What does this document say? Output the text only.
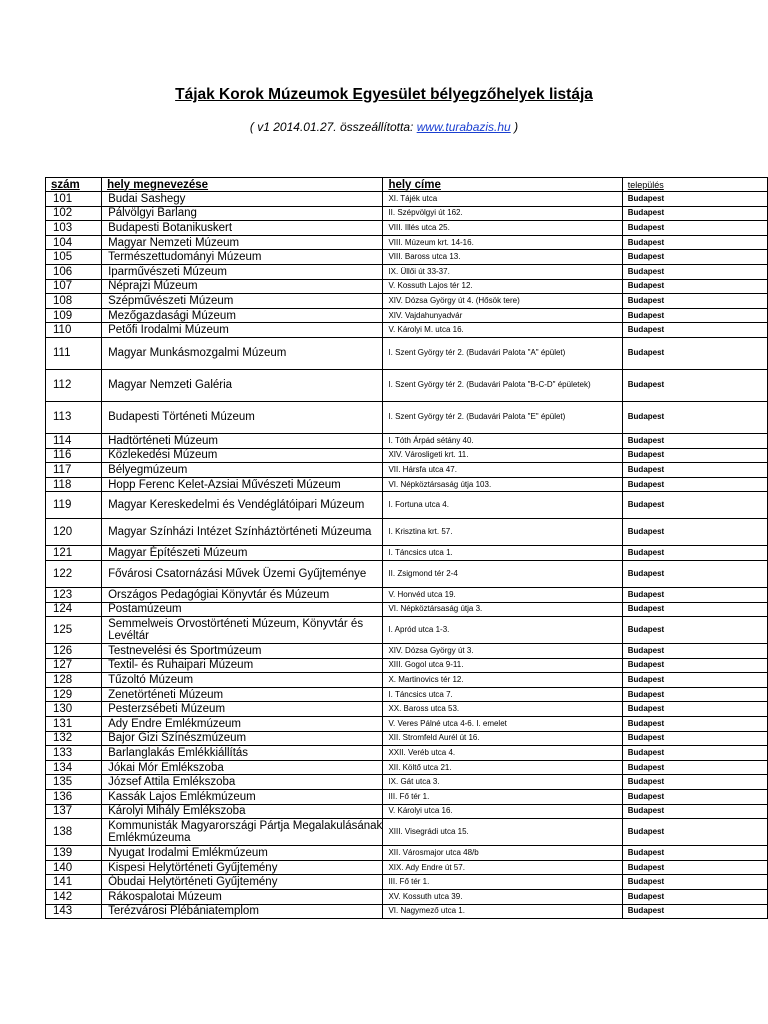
Tájak Korok Múzeumok Egyesület bélyegzőhelyek listája
( v1 2014.01.27. összeállította: www.turabazis.hu )
szám	hely megnevezése	hely címe	település
101	Budai Sashegy	XI. Tájék utca	Budapest
102	Pálvölgyi Barlang	II. Szépvölgyi út 162.	Budapest
103	Budapesti Botanikuskert	VIII. Illés utca 25.	Budapest
104	Magyar Nemzeti Múzeum	VIII. Múzeum krt. 14-16.	Budapest
105	Természettudományi Múzeum	VIII. Baross utca 13.	Budapest
106	Iparművészeti Múzeum	IX. Üllői út 33-37.	Budapest
107	Néprajzi Múzeum	V. Kossuth Lajos tér 12.	Budapest
108	Szépművészeti Múzeum	XIV. Dózsa György út 4. (Hősök tere)	Budapest
109	Mezőgazdasági Múzeum	XIV. Vajdahunyadvár	Budapest
110	Petőfi Irodalmi Múzeum	V. Károlyi M. utca 16.	Budapest
111	Magyar Munkásmozgalmi Múzeum	I. Szent György tér 2. (Budavári Palota "A" épület)	Budapest
112	Magyar Nemzeti Galéria	I. Szent György tér 2. (Budavári Palota "B-C-D" épületek)	Budapest
113	Budapesti Történeti Múzeum	I. Szent György tér 2. (Budavári Palota "E" épület)	Budapest
114	Hadtörténeti Múzeum	I. Tóth Árpád sétány 40.	Budapest
116	Közlekedési Múzeum	XIV. Városligeti krt. 11.	Budapest
117	Bélyegmúzeum	VII. Hársfa utca 47.	Budapest
118	Hopp Ferenc Kelet-Azsiai Művészeti Múzeum	VI. Népköztársaság útja 103.	Budapest
119	Magyar Kereskedelmi és Vendéglátóipari Múzeum	I. Fortuna utca 4.	Budapest
120	Magyar Színházi Intézet Színháztörténeti Múzeuma	I. Krisztina krt. 57.	Budapest
121	Magyar Építészeti Múzeum	I. Táncsics utca 1.	Budapest
122	Fővárosi Csatornázási Művek Üzemi Gyűjteménye	II. Zsigmond tér 2-4	Budapest
123	Országos Pedagógiai Könyvtár és Múzeum	V. Honvéd utca 19.	Budapest
124	Postamúzeum	VI. Népköztársaság útja 3.	Budapest
125	Semmelweis Orvostörténeti Múzeum, Könyvtár és Levéltár	I. Apród utca 1-3.	Budapest
126	Testnevelési és Sportmúzeum	XIV. Dózsa György út 3.	Budapest
127	Textil- és Ruhaipari Múzeum	XIII. Gogol utca 9-11.	Budapest
128	Tűzoltó Múzeum	X. Martinovics tér 12.	Budapest
129	Zenetörténeti Múzeum	I. Táncsics utca 7.	Budapest
130	Pesterzsébeti Múzeum	XX. Baross utca 53.	Budapest
131	Ady Endre Emlékmúzeum	V. Veres Pálné utca 4-6. I. emelet	Budapest
132	Bajor Gizi Színészmúzeum	XII. Stromfeld Aurél út 16.	Budapest
133	Barlanglakás Emlékkiállítás	XXII. Veréb utca 4.	Budapest
134	Jókai Mór Emlékszoba	XII. Költő utca 21.	Budapest
135	József Attila Emlékszoba	IX. Gát utca 3.	Budapest
136	Kassák Lajos Emlékmúzeum	III. Fő tér 1.	Budapest
137	Károlyi Mihály Emlékszoba	V. Károlyi utca 16.	Budapest
138	Kommunisták Magyarországi Pártja Megalakulásának Emlékmúzeuma	XIII. Visegrádi utca 15.	Budapest
139	Nyugat Irodalmi Emlékmúzeum	XII. Városmajor utca 48/b	Budapest
140	Kispesi Helytörténeti Gyűjtemény	XIX. Ady Endre út 57.	Budapest
141	Óbudai Helytörténeti Gyűjtemény	III. Fő tér 1.	Budapest
142	Rákospalotai Múzeum	XV. Kossuth utca 39.	Budapest
143	Terézvárosi Plébániatemplom	VI. Nagymező utca 1.	Budapest
